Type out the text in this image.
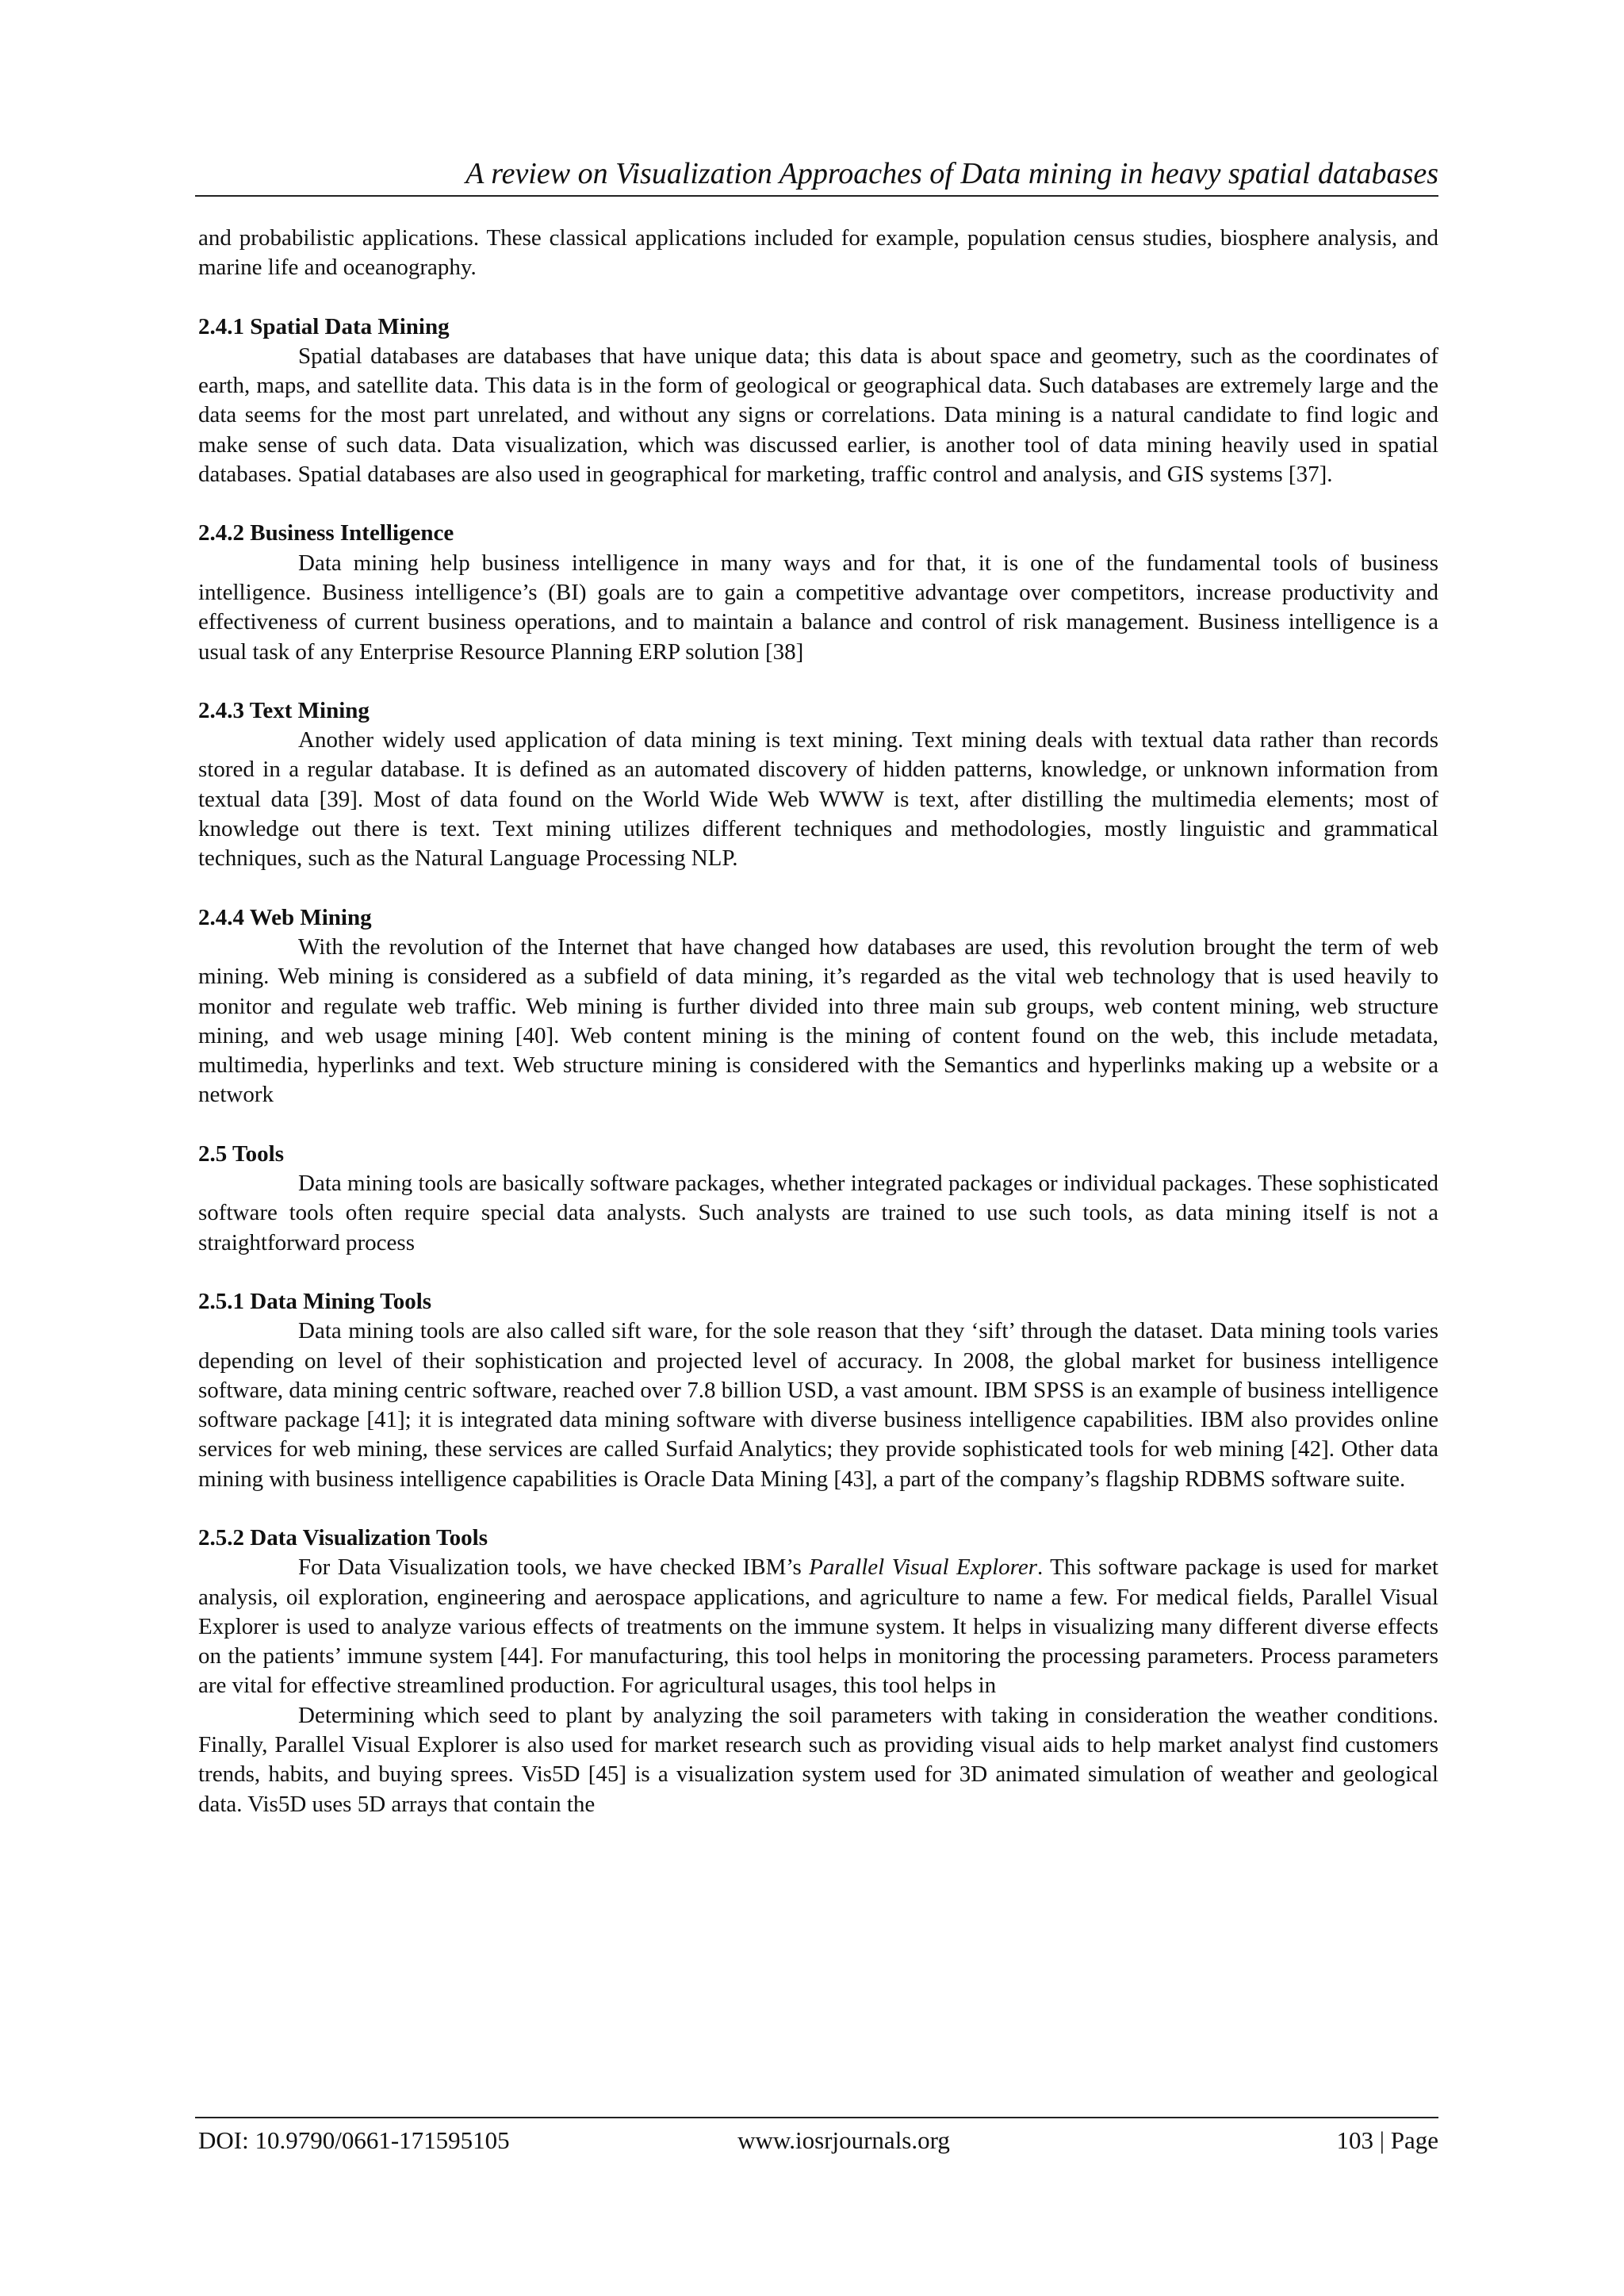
A review on Visualization Approaches of Data mining in heavy spatial databases

and probabilistic applications. These classical applications included for example, population census studies, biosphere analysis, and marine life and oceanography.

2.4.1 Spatial Data Mining

Spatial databases are databases that have unique data; this data is about space and geometry, such as the coordinates of earth, maps, and satellite data. This data is in the form of geological or geographical data. Such databases are extremely large and the data seems for the most part unrelated, and without any signs or correlations. Data mining is a natural candidate to find logic and make sense of such data. Data visualization, which was discussed earlier, is another tool of data mining heavily used in spatial databases. Spatial databases are also used in geographical for marketing, traffic control and analysis, and GIS systems [37].

2.4.2 Business Intelligence

Data mining help business intelligence in many ways and for that, it is one of the fundamental tools of business intelligence. Business intelligence’s (BI) goals are to gain a competitive advantage over competitors, increase productivity and effectiveness of current business operations, and to maintain a balance and control of risk management. Business intelligence is a usual task of any Enterprise Resource Planning ERP solution [38]

2.4.3 Text Mining

Another widely used application of data mining is text mining. Text mining deals with textual data rather than records stored in a regular database. It is defined as an automated discovery of hidden patterns, knowledge, or unknown information from textual data [39]. Most of data found on the World Wide Web WWW is text, after distilling the multimedia elements; most of knowledge out there is text. Text mining utilizes different techniques and methodologies, mostly linguistic and grammatical techniques, such as the Natural Language Processing NLP.

2.4.4 Web Mining

With the revolution of the Internet that have changed how databases are used, this revolution brought the term of web mining. Web mining is considered as a subfield of data mining, it’s regarded as the vital web technology that is used heavily to monitor and regulate web traffic. Web mining is further divided into three main sub groups, web content mining, web structure mining, and web usage mining [40]. Web content mining is the mining of content found on the web, this include metadata, multimedia, hyperlinks and text. Web structure mining is considered with the Semantics and hyperlinks making up a website or a network

2.5 Tools

Data mining tools are basically software packages, whether integrated packages or individual packages. These sophisticated software tools often require special data analysts. Such analysts are trained to use such tools, as data mining itself is not a straightforward process

2.5.1 Data Mining Tools

Data mining tools are also called sift ware, for the sole reason that they ‘sift’ through the dataset. Data mining tools varies depending on level of their sophistication and projected level of accuracy. In 2008, the global market for business intelligence software, data mining centric software, reached over 7.8 billion USD, a vast amount. IBM SPSS is an example of business intelligence software package [41]; it is integrated data mining software with diverse business intelligence capabilities. IBM also provides online services for web mining, these services are called Surfaid Analytics; they provide sophisticated tools for web mining [42]. Other data mining with business intelligence capabilities is Oracle Data Mining [43], a part of the company’s flagship RDBMS software suite.

2.5.2 Data Visualization Tools

For Data Visualization tools, we have checked IBM’s Parallel Visual Explorer. This software package is used for market analysis, oil exploration, engineering and aerospace applications, and agriculture to name a few. For medical fields, Parallel Visual Explorer is used to analyze various effects of treatments on the immune system. It helps in visualizing many different diverse effects on the patients’ immune system [44]. For manufacturing, this tool helps in monitoring the processing parameters. Process parameters are vital for effective streamlined production. For agricultural usages, this tool helps in

Determining which seed to plant by analyzing the soil parameters with taking in consideration the weather conditions. Finally, Parallel Visual Explorer is also used for market research such as providing visual aids to help market analyst find customers trends, habits, and buying sprees. Vis5D [45] is a visualization system used for 3D animated simulation of weather and geological data. Vis5D uses 5D arrays that contain the

DOI: 10.9790/0661-171595105	www.iosrjournals.org	103 | Page
